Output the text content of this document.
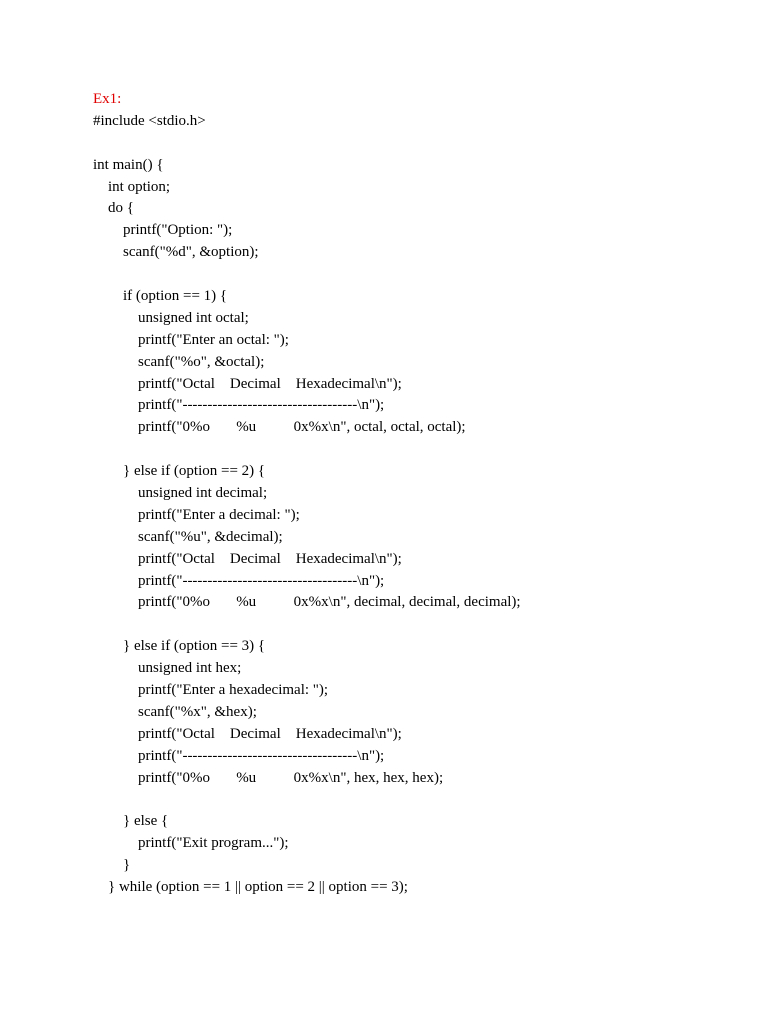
Ex1:
#include <stdio.h>
int main() {
int option;
do {
printf("Option: ");
scanf("%d", &option);
if (option == 1) {
unsigned int octal;
printf("Enter an octal: ");
scanf("%o", &octal);
printf("Octal    Decimal    Hexadecimal\n");
printf("-----------------------------------\n");
printf("0%o       %u          0x%x\n", octal, octal, octal);
} else if (option == 2) {
unsigned int decimal;
printf("Enter a decimal: ");
scanf("%u", &decimal);
printf("Octal    Decimal    Hexadecimal\n");
printf("-----------------------------------\n");
printf("0%o       %u          0x%x\n", decimal, decimal, decimal);
} else if (option == 3) {
unsigned int hex;
printf("Enter a hexadecimal: ");
scanf("%x", &hex);
printf("Octal    Decimal    Hexadecimal\n");
printf("-----------------------------------\n");
printf("0%o       %u          0x%x\n", hex, hex, hex);
} else {
printf("Exit program...");
}
} while (option == 1 || option == 2 || option == 3);
